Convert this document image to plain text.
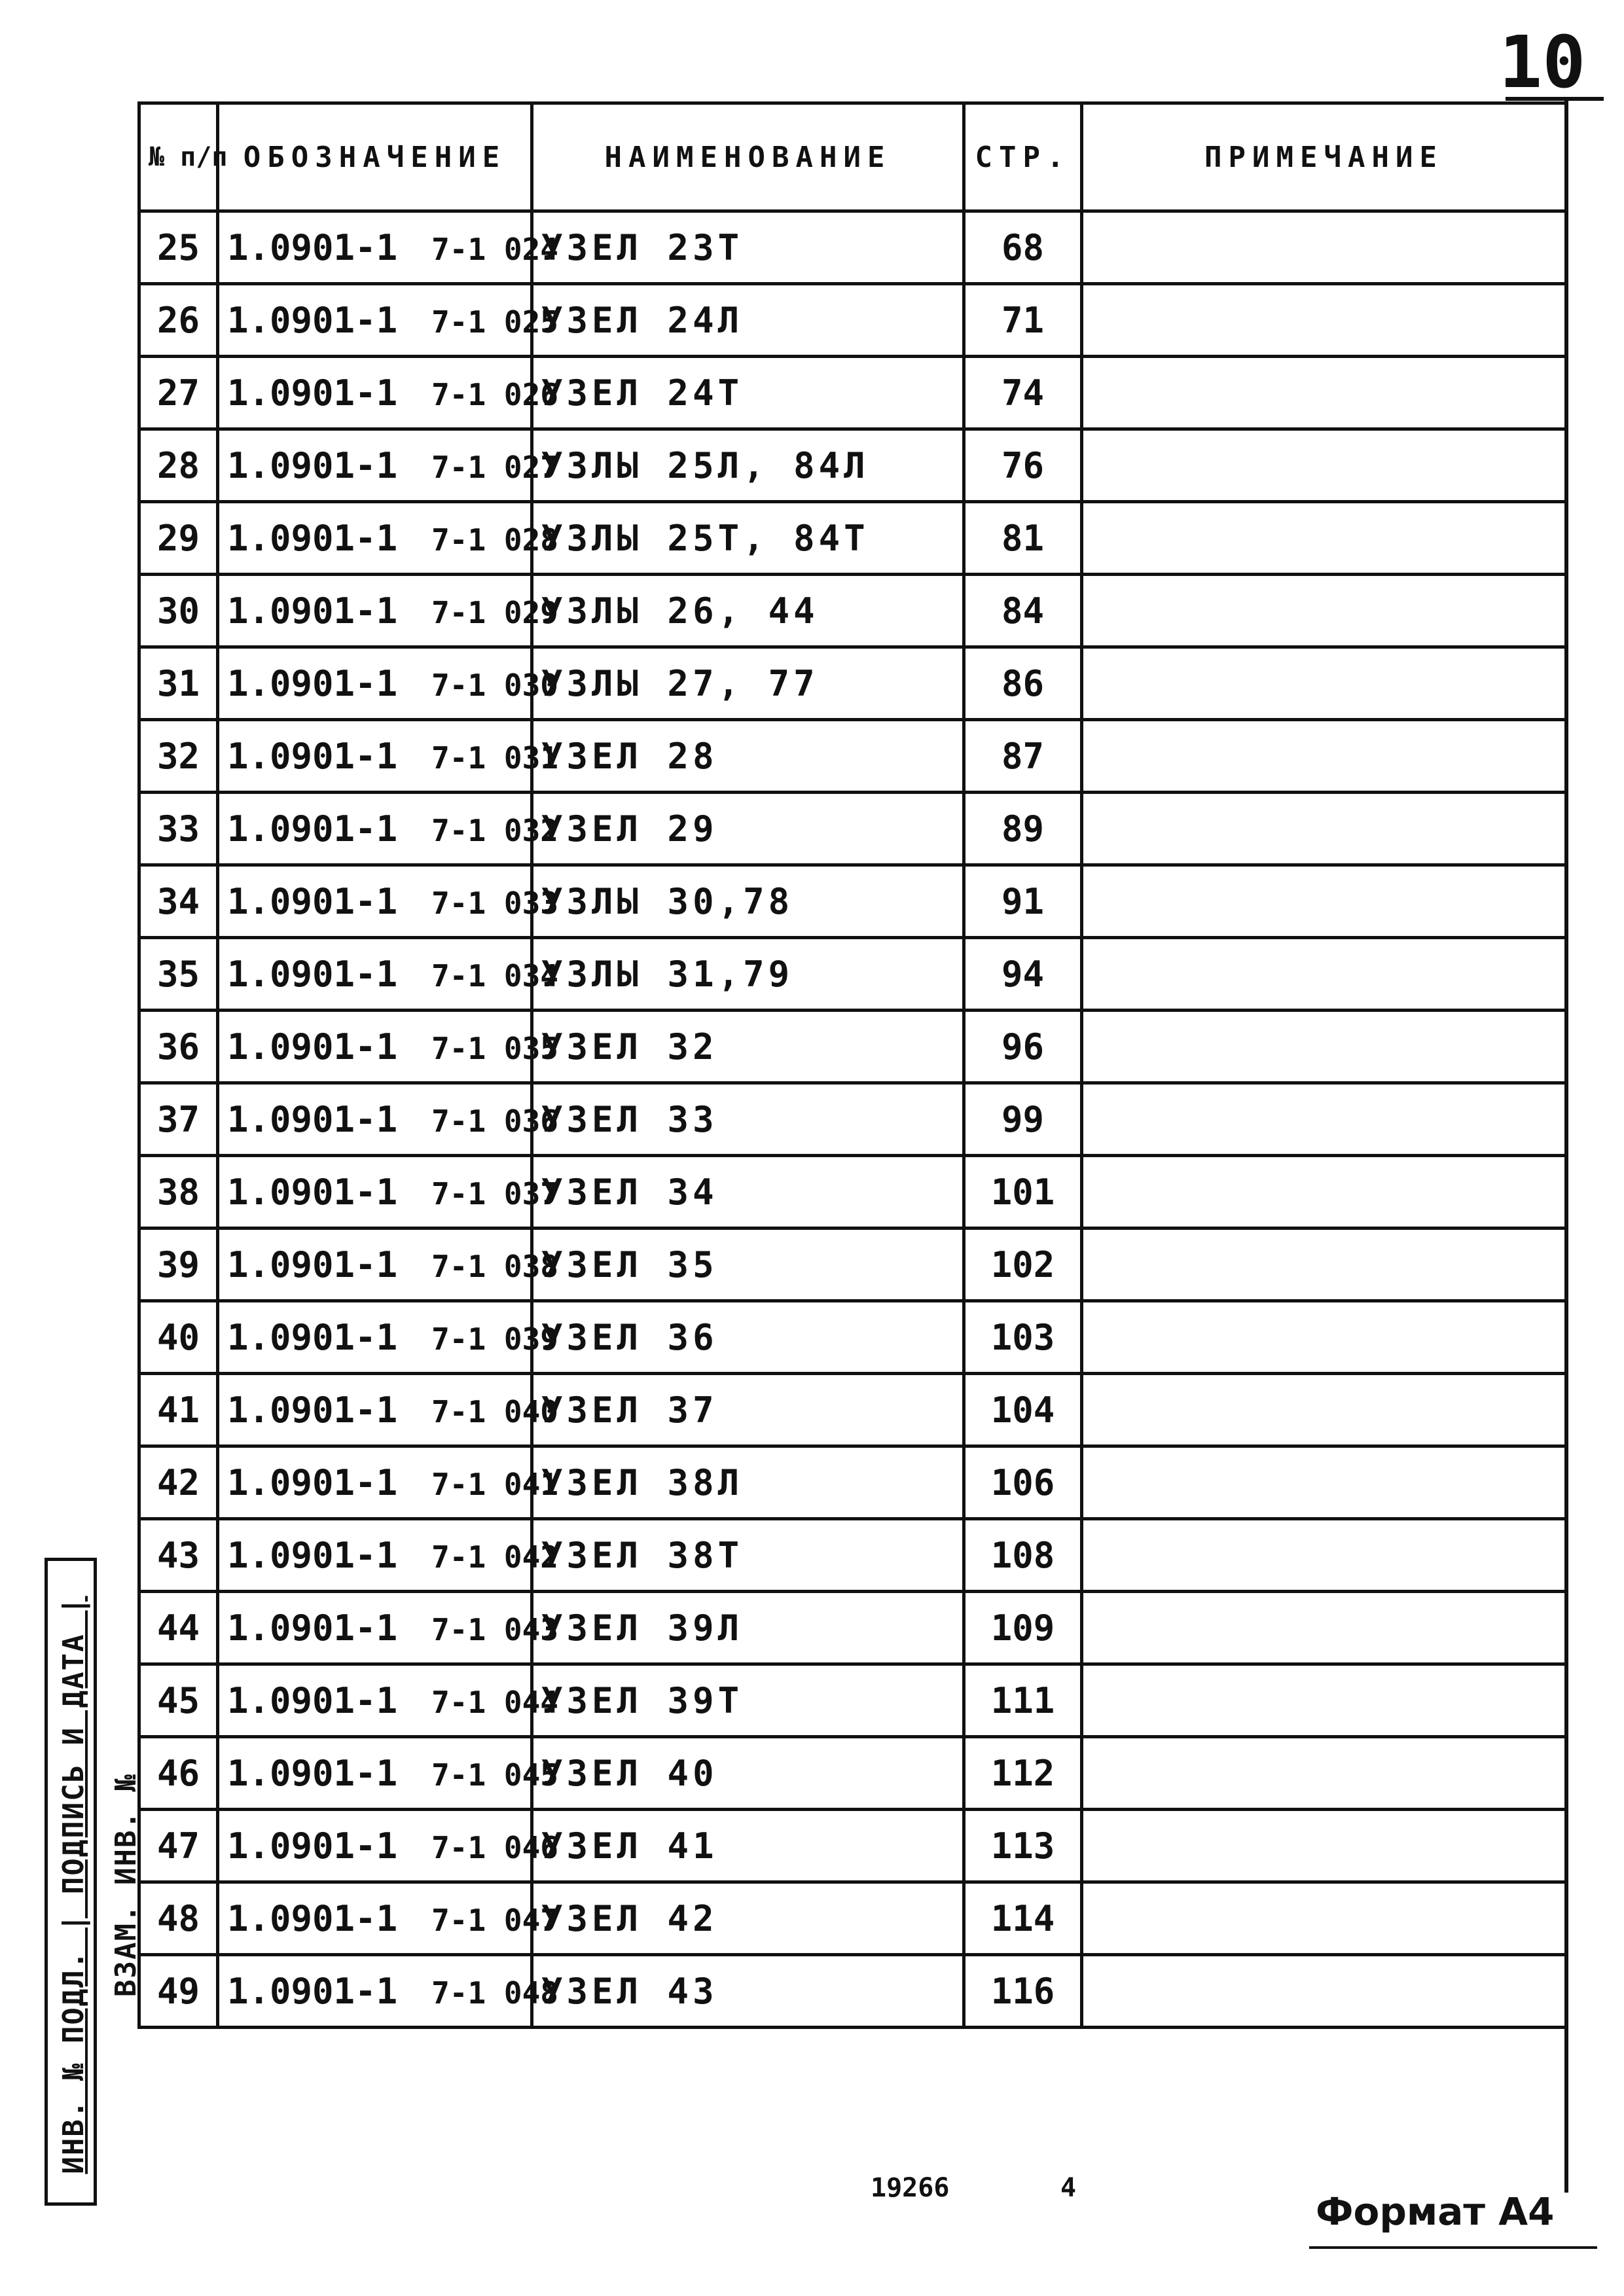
10
№ п/п	ОБОЗНАЧЕНИЕ	НАИМЕНОВАНИЕ	СТР.	ПРИМЕЧАНИЕ
25	1.0901-1 7-1 024	УЗЕЛ 23Т	68	
26	1.0901-1 7-1 025	УЗЕЛ 24Л	71	
27	1.0901-1 7-1 026	УЗЕЛ 24Т	74	
28	1.0901-1 7-1 027	УЗЛЫ 25Л, 84Л	76	
29	1.0901-1 7-1 028	УЗЛЫ 25Т, 84Т	81	
30	1.0901-1 7-1 029	УЗЛЫ 26, 44	84	
31	1.0901-1 7-1 030	УЗЛЫ 27, 77	86	
32	1.0901-1 7-1 031	УЗЕЛ 28	87	
33	1.0901-1 7-1 032	УЗЕЛ 29	89	
34	1.0901-1 7-1 033	УЗЛЫ 30,78	91	
35	1.0901-1 7-1 034	УЗЛЫ 31,79	94	
36	1.0901-1 7-1 035	УЗЕЛ 32	96	
37	1.0901-1 7-1 036	УЗЕЛ 33	99	
38	1.0901-1 7-1 037	УЗЕЛ 34	101	
39	1.0901-1 7-1 038	УЗЕЛ 35	102	
40	1.0901-1 7-1 039	УЗЕЛ 36	103	
41	1.0901-1 7-1 040	УЗЕЛ 37	104	
42	1.0901-1 7-1 041	УЗЕЛ 38Л	106	
43	1.0901-1 7-1 042	УЗЕЛ 38Т	108	
44	1.0901-1 7-1 043	УЗЕЛ 39Л	109	
45	1.0901-1 7-1 044	УЗЕЛ 39Т	111	
46	1.0901-1 7-1 045	УЗЕЛ 40	112	
47	1.0901-1 7-1 046	УЗЕЛ 41	113	
48	1.0901-1 7-1 047	УЗЕЛ 42	114	
49	1.0901-1 7-1 048	УЗЕЛ 43	116	
ИНВ. № ПОДЛ. | ПОДПИСЬ И ДАТА | ВЗАМ. ИНВ. №
19266	4
Формат А4
